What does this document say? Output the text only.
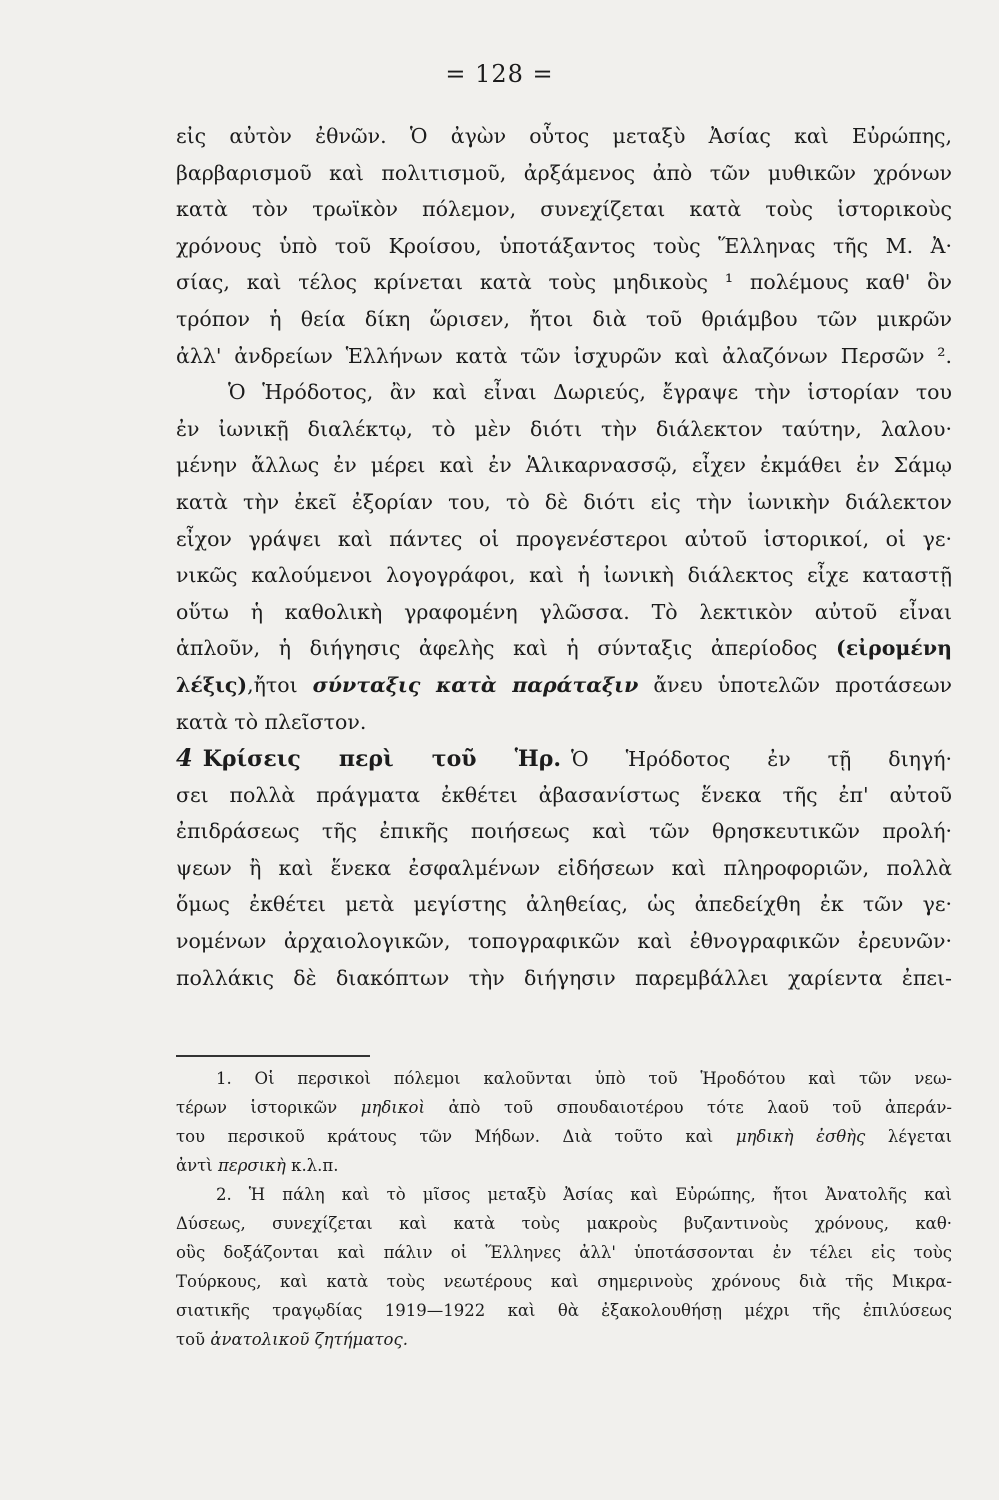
= 128 =
εἰς αὐτὸν ἐθνῶν. Ὁ ἀγὼν οὗτος μεταξὺ Ἀσίας καὶ Εὐρώπης,
βαρβαρισμοῦ καὶ πολιτισμοῦ, ἀρξάμενος ἀπὸ τῶν μυθικῶν χρόνων
κατὰ τὸν τρωϊκὸν πόλεμον, συνεχίζεται κατὰ τοὺς ἱστορικοὺς
χρόνους ὑπὸ τοῦ Κροίσου, ὑποτάξαντος τοὺς Ἕλληνας τῆς Μ. Ἀ·
σίας, καὶ τέλος κρίνεται κατὰ τοὺς μηδικοὺς ¹ πολέμους καθ' ὃν
τρόπον ἡ θεία δίκη ὥρισεν, ἤτοι διὰ τοῦ θριάμβου τῶν μικρῶν
ἀλλ' ἀνδρείων Ἑλλήνων κατὰ τῶν ἰσχυρῶν καὶ ἀλαζόνων Περσῶν ².
Ὁ Ἡρόδοτος, ἂν καὶ εἶναι Δωριεύς, ἔγραψε τὴν ἱστορίαν του
ἐν ἰωνικῇ διαλέκτῳ, τὸ μὲν διότι τὴν διάλεκτον ταύτην, λαλου·
μένην ἄλλως ἐν μέρει καὶ ἐν Ἁλικαρνασσῷ, εἶχεν ἐκμάθει ἐν Σάμῳ
κατὰ τὴν ἐκεῖ ἐξορίαν του, τὸ δὲ διότι εἰς τὴν ἰωνικὴν διάλεκτον
εἶχον γράψει καὶ πάντες οἱ προγενέστεροι αὐτοῦ ἱστορικοί, οἱ γε·
νικῶς καλούμενοι λογογράφοι, καὶ ἡ ἰωνικὴ διάλεκτος εἶχε καταστῇ
οὕτω ἡ καθολικὴ γραφομένη γλῶσσα. Τὸ λεκτικὸν αὐτοῦ εἶναι
ἁπλοῦν, ἡ διήγησις ἀφελὴς καὶ ἡ σύνταξις ἀπερίοδος (εἰρομένη
λέξις),ἤτοι σύνταξις κατὰ παράταξιν ἄνευ ὑποτελῶν προτάσεων
κατὰ τὸ πλεῖστον.
4 Κρίσεις περὶ τοῦ Ἡρ. Ὁ Ἡρόδοτος ἐν τῇ διηγή·
σει πολλὰ πράγματα ἐκθέτει ἀβασανίστως ἕνεκα τῆς ἐπ' αὐτοῦ
ἐπιδράσεως τῆς ἐπικῆς ποιήσεως καὶ τῶν θρησκευτικῶν προλή·
ψεων ἢ καὶ ἕνεκα ἐσφαλμένων εἰδήσεων καὶ πληροφοριῶν, πολλὰ
ὅμως ἐκθέτει μετὰ μεγίστης ἀληθείας, ὡς ἀπεδείχθη ἐκ τῶν γε·
νομένων ἀρχαιολογικῶν, τοπογραφικῶν καὶ ἐθνογραφικῶν ἐρευνῶν·
πολλάκις δὲ διακόπτων τὴν διήγησιν παρεμβάλλει χαρίεντα ἐπει-
1. Οἱ περσικοὶ πόλεμοι καλοῦνται ὑπὸ τοῦ Ἡροδότου καὶ τῶν νεω-
τέρων ἱστορικῶν μηδικοὶ ἀπὸ τοῦ σπουδαιοτέρου τότε λαοῦ τοῦ ἀπεράν-
του περσικοῦ κράτους τῶν Μήδων. Διὰ τοῦτο καὶ μηδικὴ ἐσθὴς λέγεται
ἀντὶ περσικὴ κ.λ.π.
2. Ἡ πάλη καὶ τὸ μῖσος μεταξὺ Ἀσίας καὶ Εὐρώπης, ἤτοι Ἀνατολῆς καὶ
Δύσεως, συνεχίζεται καὶ κατὰ τοὺς μακροὺς βυζαντινοὺς χρόνους, καθ·
οὓς δοξάζονται καὶ πάλιν οἱ Ἕλληνες ἀλλ' ὑποτάσσονται ἐν τέλει εἰς τοὺς
Τούρκους, καὶ κατὰ τοὺς νεωτέρους καὶ σημερινοὺς χρόνους διὰ τῆς Μικρα-
σιατικῆς τραγῳδίας 1919—1922 καὶ θὰ ἐξακολουθήσῃ μέχρι τῆς ἐπιλύσεως
τοῦ ἀνατολικοῦ ζητήματος.
